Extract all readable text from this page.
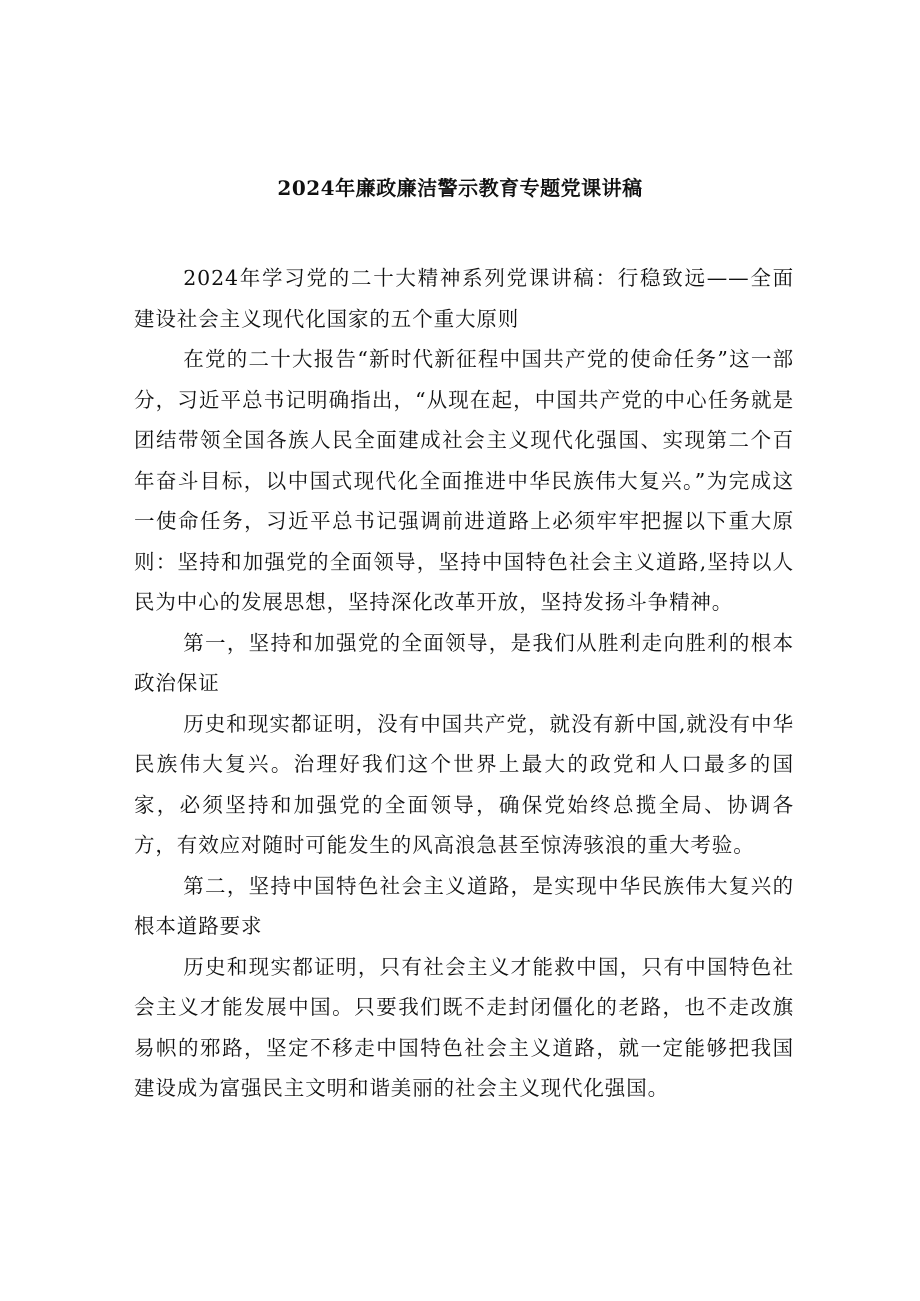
2024年廉政廉洁警示教育专题党课讲稿

2024年学习党的二十大精神系列党课讲稿：行稳致远——全面建设社会主义现代化国家的五个重大原则

在党的二十大报告“新时代新征程中国共产党的使命任务”这一部分，习近平总书记明确指出，“从现在起，中国共产党的中心任务就是团结带领全国各族人民全面建成社会主义现代化强国、实现第二个百年奋斗目标，以中国式现代化全面推进中华民族伟大复兴。”为完成这一使命任务，习近平总书记强调前进道路上必须牢牢把握以下重大原则：坚持和加强党的全面领导，坚持中国特色社会主义道路,坚持以人民为中心的发展思想，坚持深化改革开放，坚持发扬斗争精神。

第一，坚持和加强党的全面领导，是我们从胜利走向胜利的根本政治保证

历史和现实都证明，没有中国共产党，就没有新中国,就没有中华民族伟大复兴。治理好我们这个世界上最大的政党和人口最多的国家，必须坚持和加强党的全面领导，确保党始终总揽全局、协调各方，有效应对随时可能发生的风高浪急甚至惊涛骇浪的重大考验。

第二，坚持中国特色社会主义道路，是实现中华民族伟大复兴的根本道路要求

历史和现实都证明，只有社会主义才能救中国，只有中国特色社会主义才能发展中国。只要我们既不走封闭僵化的老路，也不走改旗易帜的邪路，坚定不移走中国特色社会主义道路，就一定能够把我国建设成为富强民主文明和谐美丽的社会主义现代化强国。
